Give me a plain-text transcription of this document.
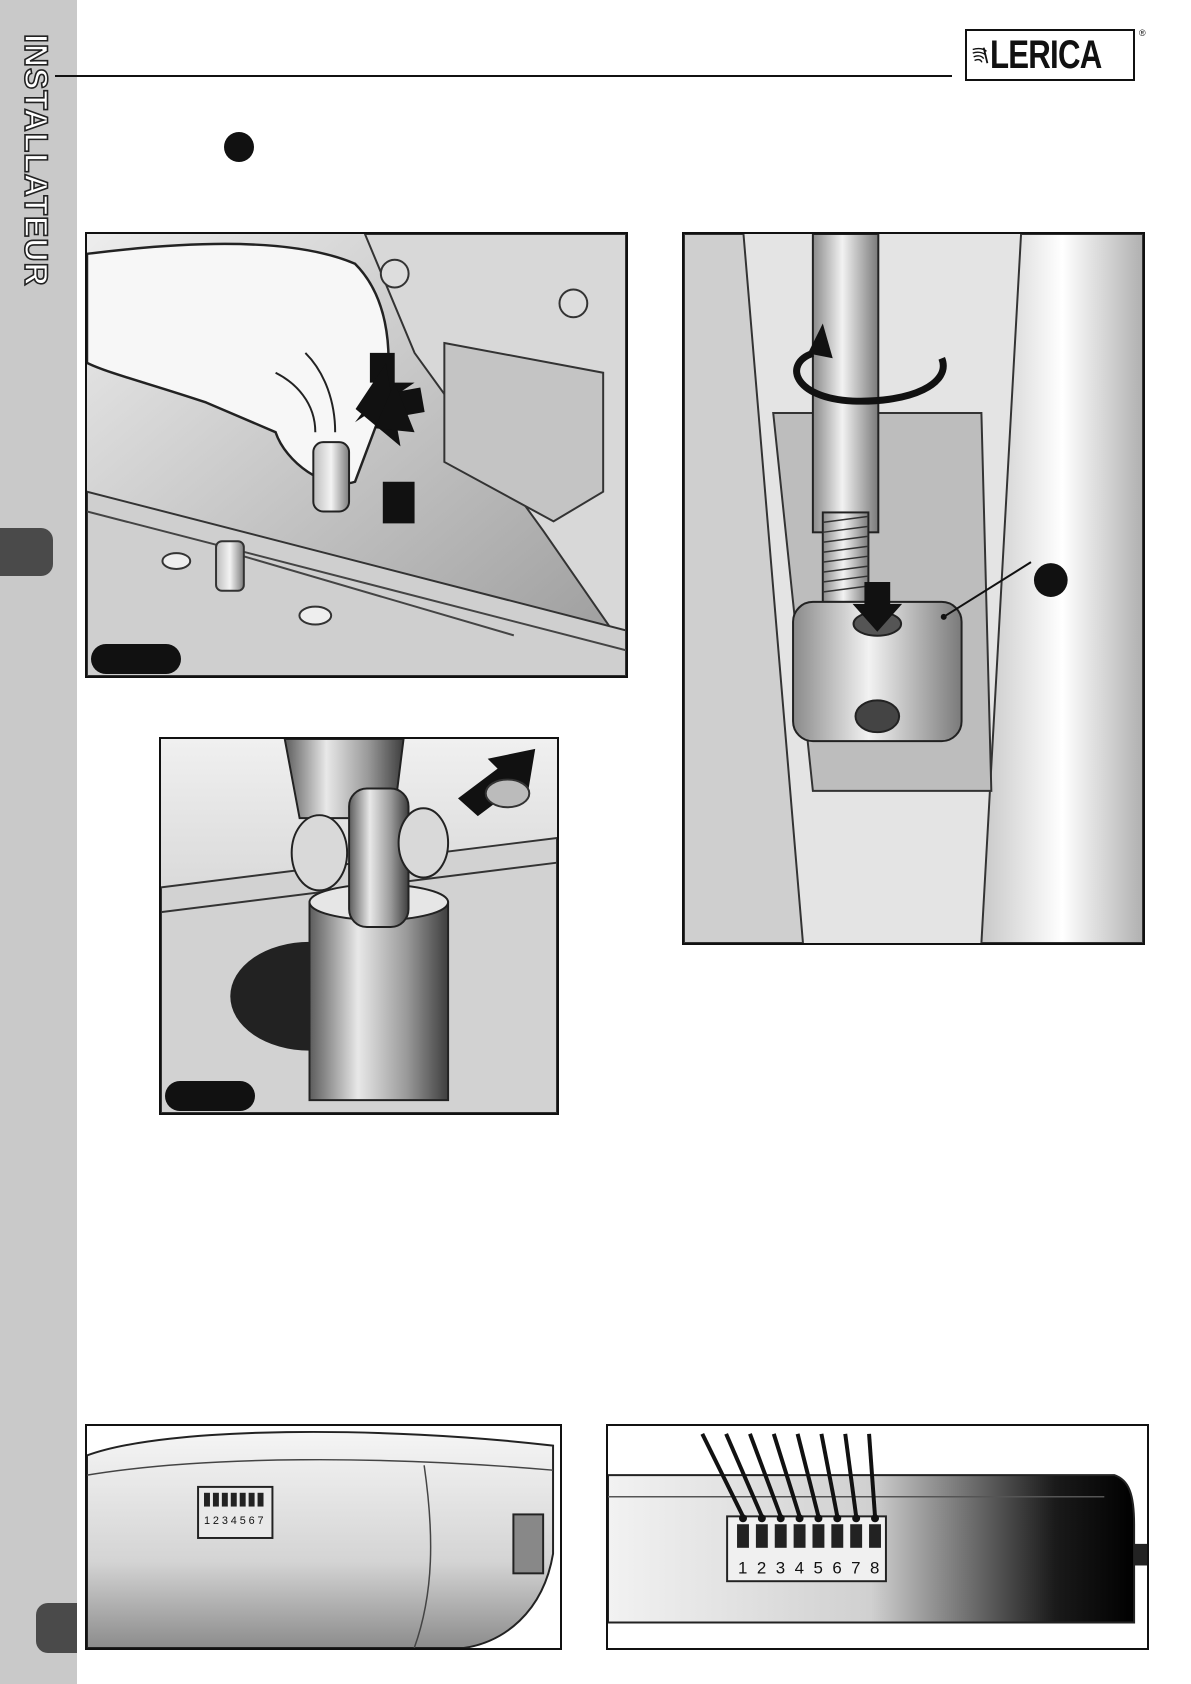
INSTALLATEUR	LERICA	®
1 2 3 4 5 6 7
1 2 3 4 5 6 7 8
